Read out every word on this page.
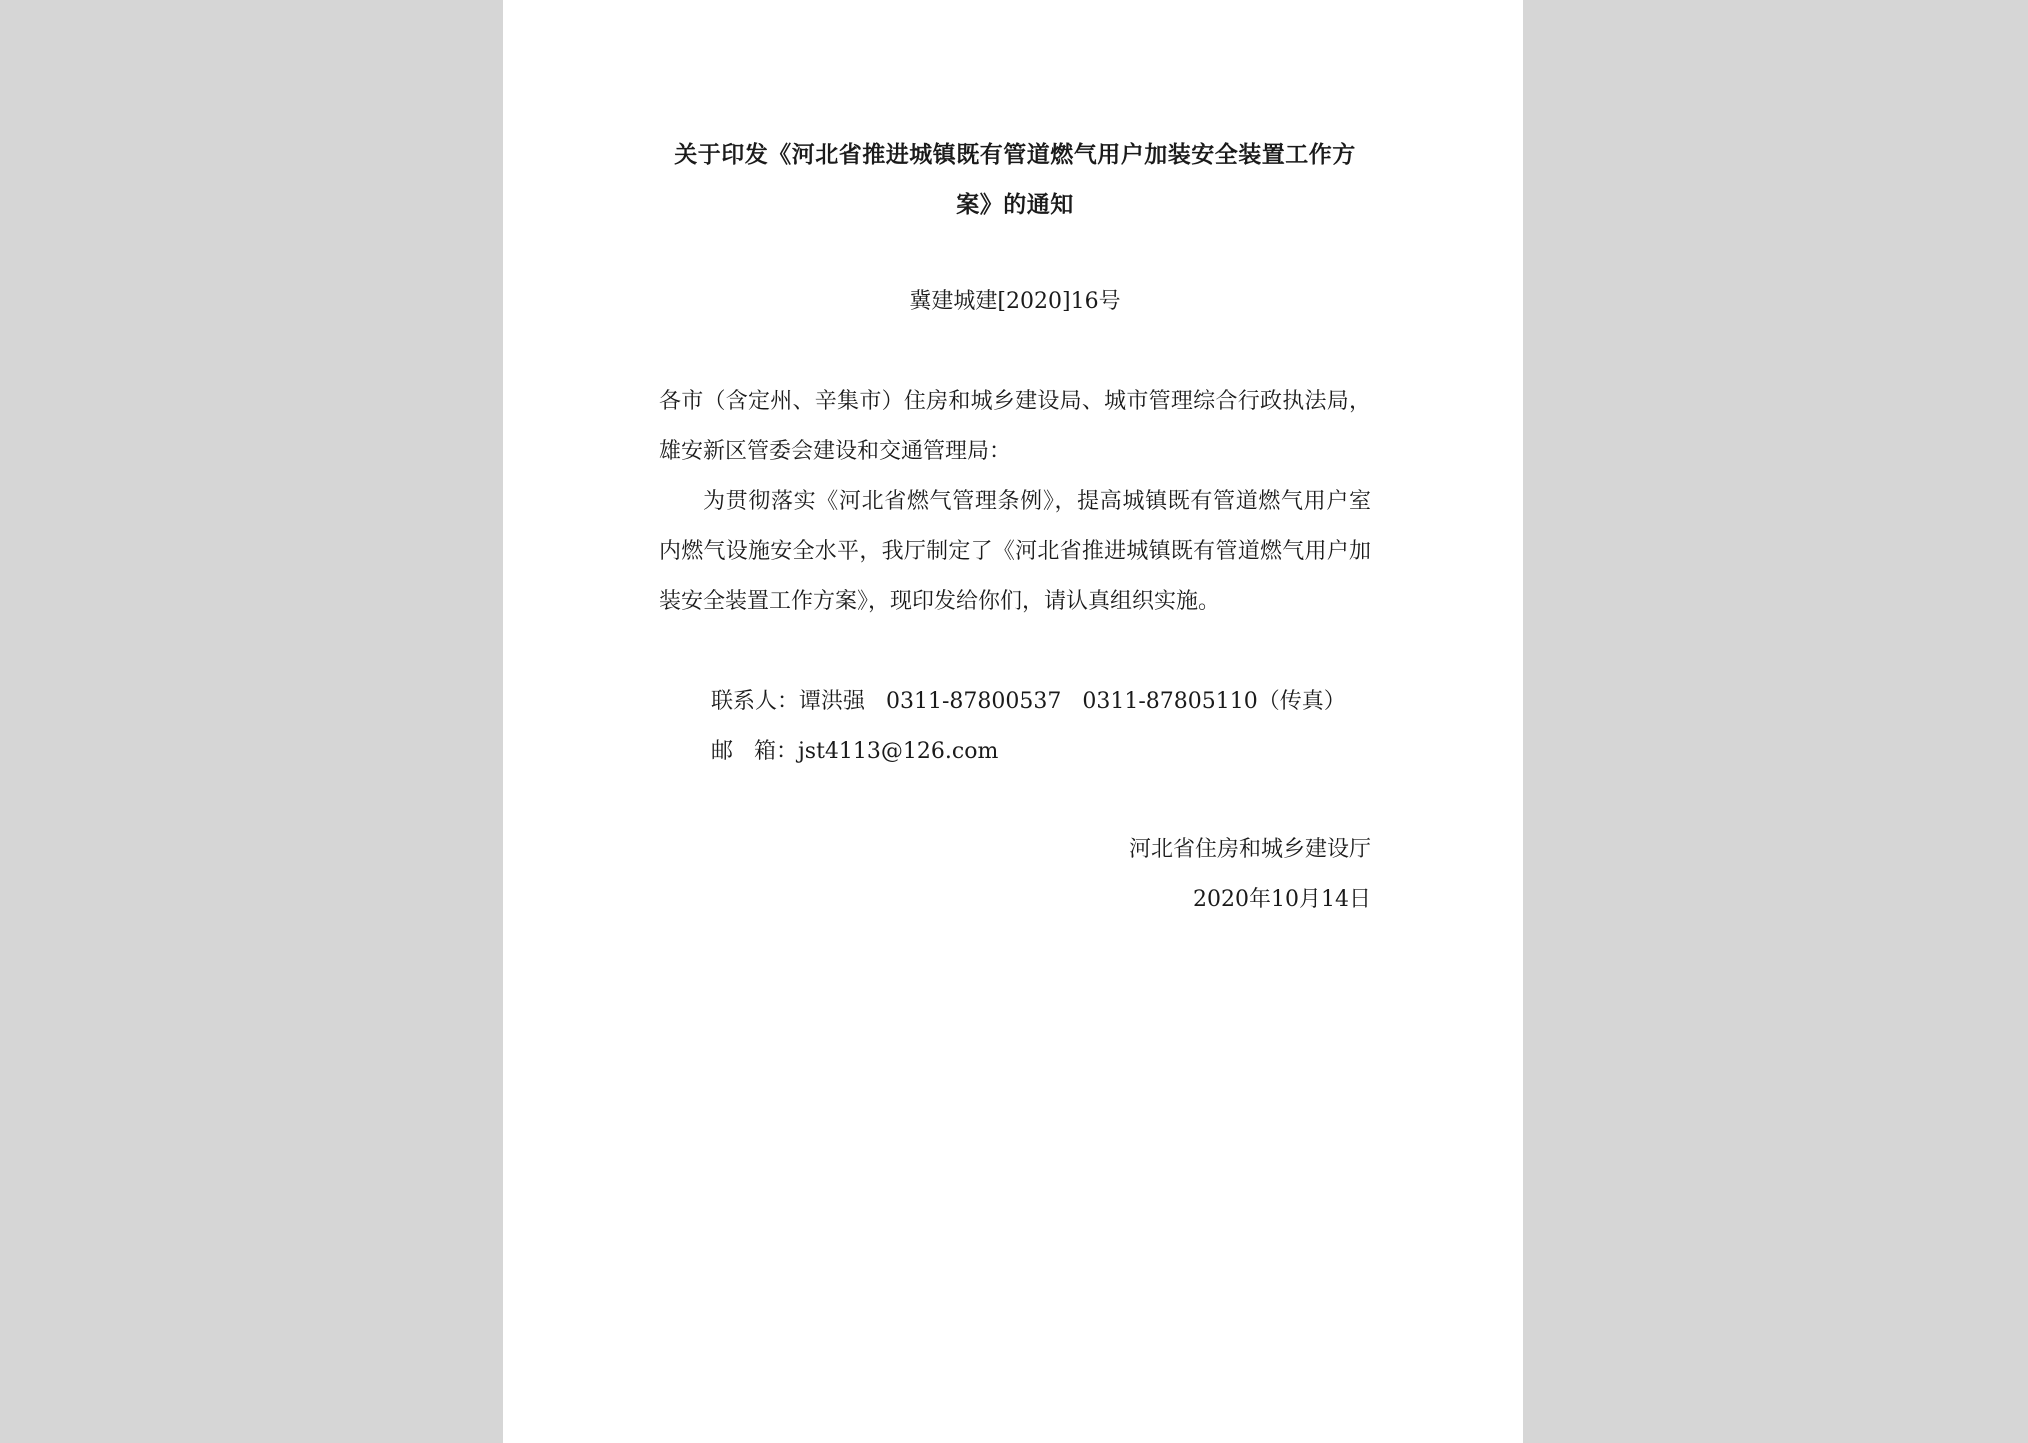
关于印发《河北省推进城镇既有管道燃气用户加装安全装置工作方案》的通知
冀建城建[2020]16号
各市（含定州、辛集市）住房和城乡建设局、城市管理综合行政执法局，雄安新区管委会建设和交通管理局：
为贯彻落实《河北省燃气管理条例》，提高城镇既有管道燃气用户室内燃气设施安全水平，我厅制定了《河北省推进城镇既有管道燃气用户加装安全装置工作方案》，现印发给你们，请认真组织实施。
联系人：谭洪强   0311-87800537   0311-87805110（传真）
邮   箱：jst4113@126.com
河北省住房和城乡建设厅
2020年10月14日
